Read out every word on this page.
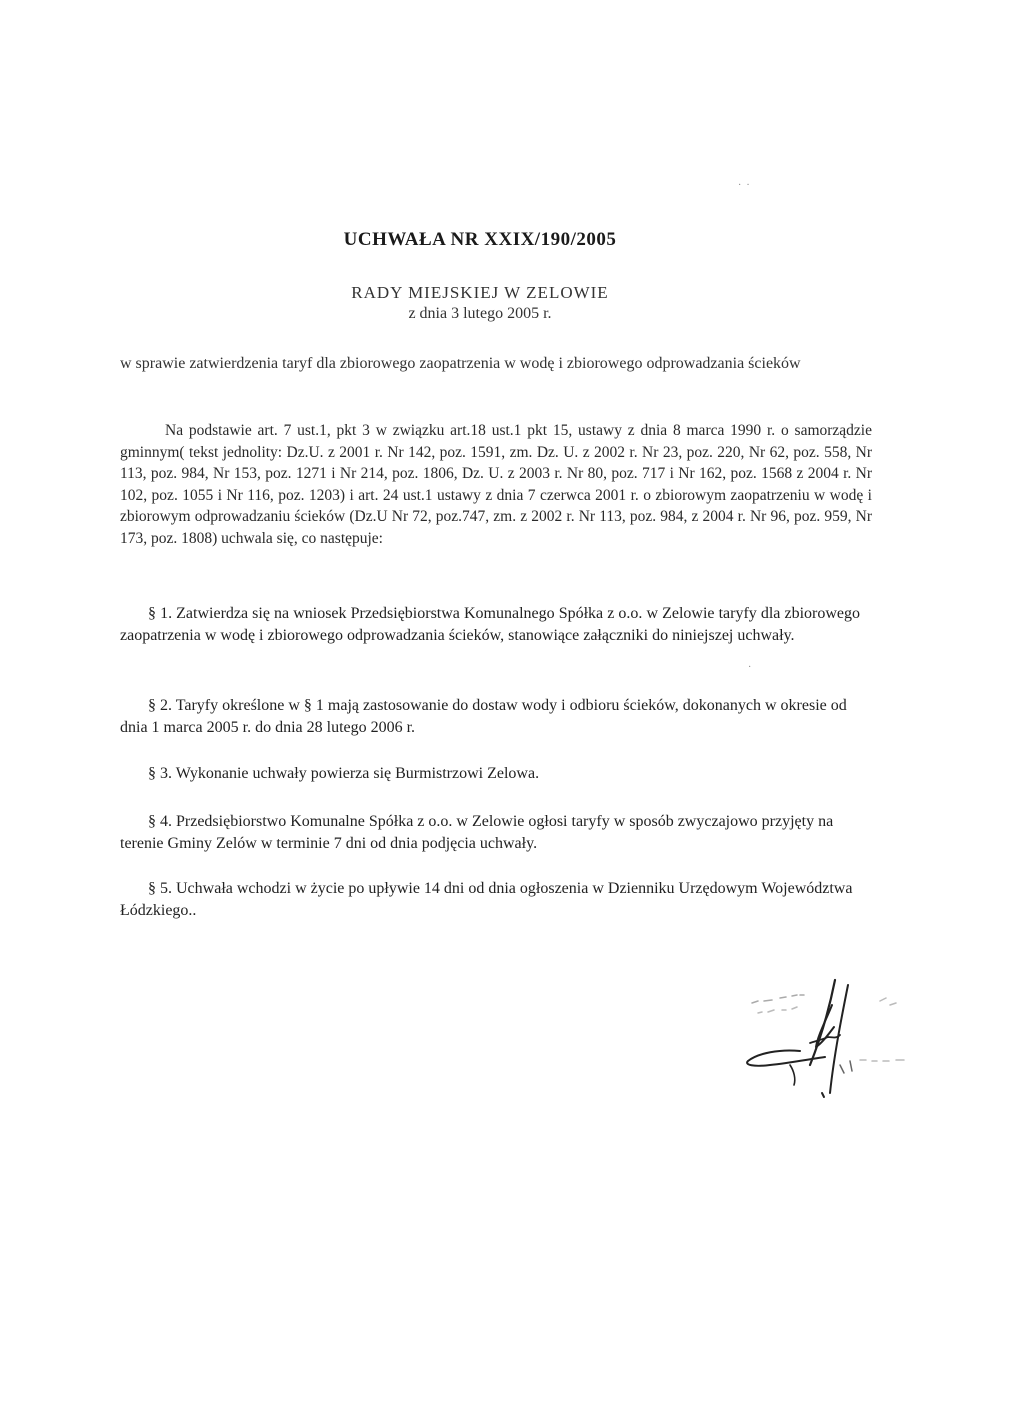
·  ·
UCHWAŁA NR XXIX/190/2005
RADY MIEJSKIEJ W ZELOWIE
z dnia 3 lutego 2005 r.
w sprawie zatwierdzenia taryf dla zbiorowego zaopatrzenia w wodę i zbiorowego odprowadzania ścieków
Na podstawie art. 7 ust.1, pkt 3 w związku art.18 ust.1 pkt 15, ustawy z dnia 8 marca 1990 r. o samorządzie gminnym( tekst jednolity: Dz.U. z 2001 r. Nr 142, poz. 1591, zm. Dz. U. z 2002 r. Nr 23, poz. 220, Nr 62, poz. 558, Nr 113, poz. 984, Nr 153, poz. 1271 i Nr 214, poz. 1806, Dz. U. z 2003 r. Nr 80, poz. 717 i Nr 162, poz. 1568 z 2004 r. Nr 102, poz. 1055 i Nr 116, poz. 1203) i art. 24 ust.1 ustawy z dnia 7 czerwca 2001 r. o zbiorowym zaopatrzeniu w wodę i zbiorowym odprowadzaniu ścieków (Dz.U Nr 72, poz.747, zm. z 2002 r. Nr 113, poz. 984, z 2004 r. Nr 96, poz. 959, Nr 173, poz. 1808) uchwala się, co następuje:
§ 1. Zatwierdza się na wniosek Przedsiębiorstwa Komunalnego Spółka z o.o. w Zelowie taryfy dla zbiorowego zaopatrzenia w wodę i zbiorowego odprowadzania ścieków, stanowiące załączniki do niniejszej uchwały.
§ 2. Taryfy określone w § 1 mają zastosowanie do dostaw wody i odbioru ścieków, dokonanych w okresie od dnia 1 marca 2005 r. do dnia 28 lutego 2006 r.
§ 3. Wykonanie uchwały powierza się Burmistrzowi Zelowa.
§ 4. Przedsiębiorstwo Komunalne Spółka z o.o. w Zelowie ogłosi taryfy w sposób zwyczajowo przyjęty na terenie Gminy Zelów w terminie 7 dni od dnia podjęcia uchwały.
§ 5. Uchwała wchodzi w życie po upływie 14 dni od dnia ogłoszenia w Dzienniku Urzędowym Województwa Łódzkiego..
·
